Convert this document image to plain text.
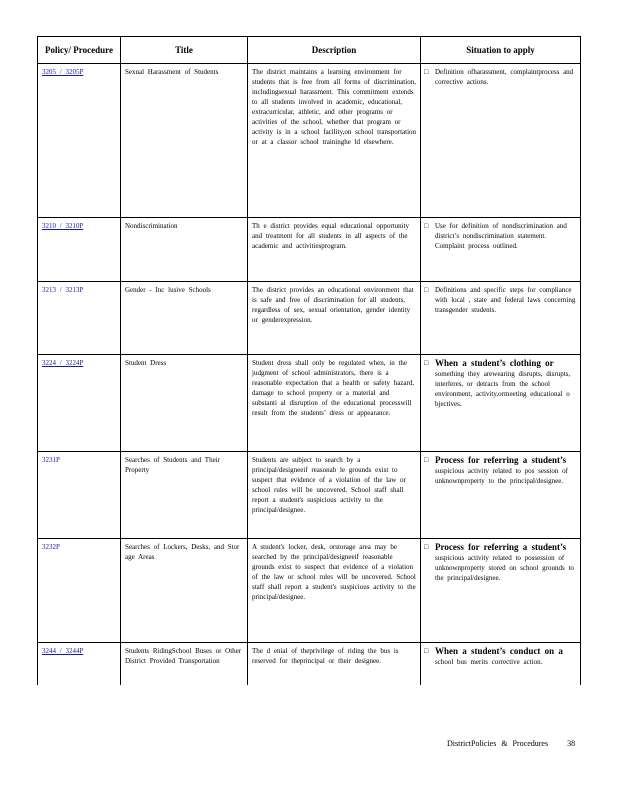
Policy/ Procedure	Title	Description	Situation to apply
3205 / 3205P	Sexual Harassment of Students	The district maintains a learning environment for students that is free from all forms of discrimination, includingsexual harassment. This commitment extends to all students involved in academic, educational, extracurricular, athletic, and other programs or activities of the school, whether that program or activity is in a school facility,on school transportation or at a classor school traininghe ld elsewhere.	□ Definition ofharassment, complaintprocess and corrective actions.

3210 / 3210P	Nondiscrimination	Th e district provides equal educational opportunity and treatment for all students in all aspects of the academic and activitiesprogram.	□ Use for definition of nondiscrimination and district’s nondiscrimination statement. Complaint process outlined.

3213 / 3213P	Gender - Inc lusive Schools	The district provides an educational environment that is safe and free of discrimination for all students, regardless of sex, sexual orientation, gender identity or genderexpression.	□ Definitions and specific steps for compliance with local , state and federal laws concerning transgender students.

3224 / 3224P	Student Dress	Student dress shall only be regulated when, in the judgment of school administrators, there is a reasonable expectation that a health or safety hazard, damage to school property or a material and substanti al disruption of the educational processwill result from the students’ dress or appearance.	□ When a student’s clothing or
something they arewearing disrupts, disrupts, interferes, or detracts from the school environment, activity,ormeeting educational o bjectives.

3231P	Searches of Students and Their Property	Students are subject to search by a principal/designeeif reasonab le grounds exist to suspect that evidence of a violation of the law or school rules will be uncovered. School staff shall report a student's suspicious activity to the principal/designee.	□ Process for referring a student’s
suspicious activity related to pos session of unknownproperty to the principal/designee.

3232P	Searches of Lockers, Desks, and Stor age Areas	A student's locker, desk, orstorage area may be searched by the principal/designeeif reasonable grounds exist to suspect that evidence of a violation of the law or school rules will be uncovered. School staff shall report a student's suspicious activity to the principal/designee.	□ Process for referring a student’s
suspicious activity related to possession of unknownproperty stored on school grounds to the principal/designee.

3244 / 3244P	Students RidingSchool Buses or Other District Provided Transportation	The d enial of theprivilege of riding the bus is reserved for theprincipal or their designee.	□ When a student’s conduct on a
school bus merits corrective action.
DistrictPolicies & Procedures 38
